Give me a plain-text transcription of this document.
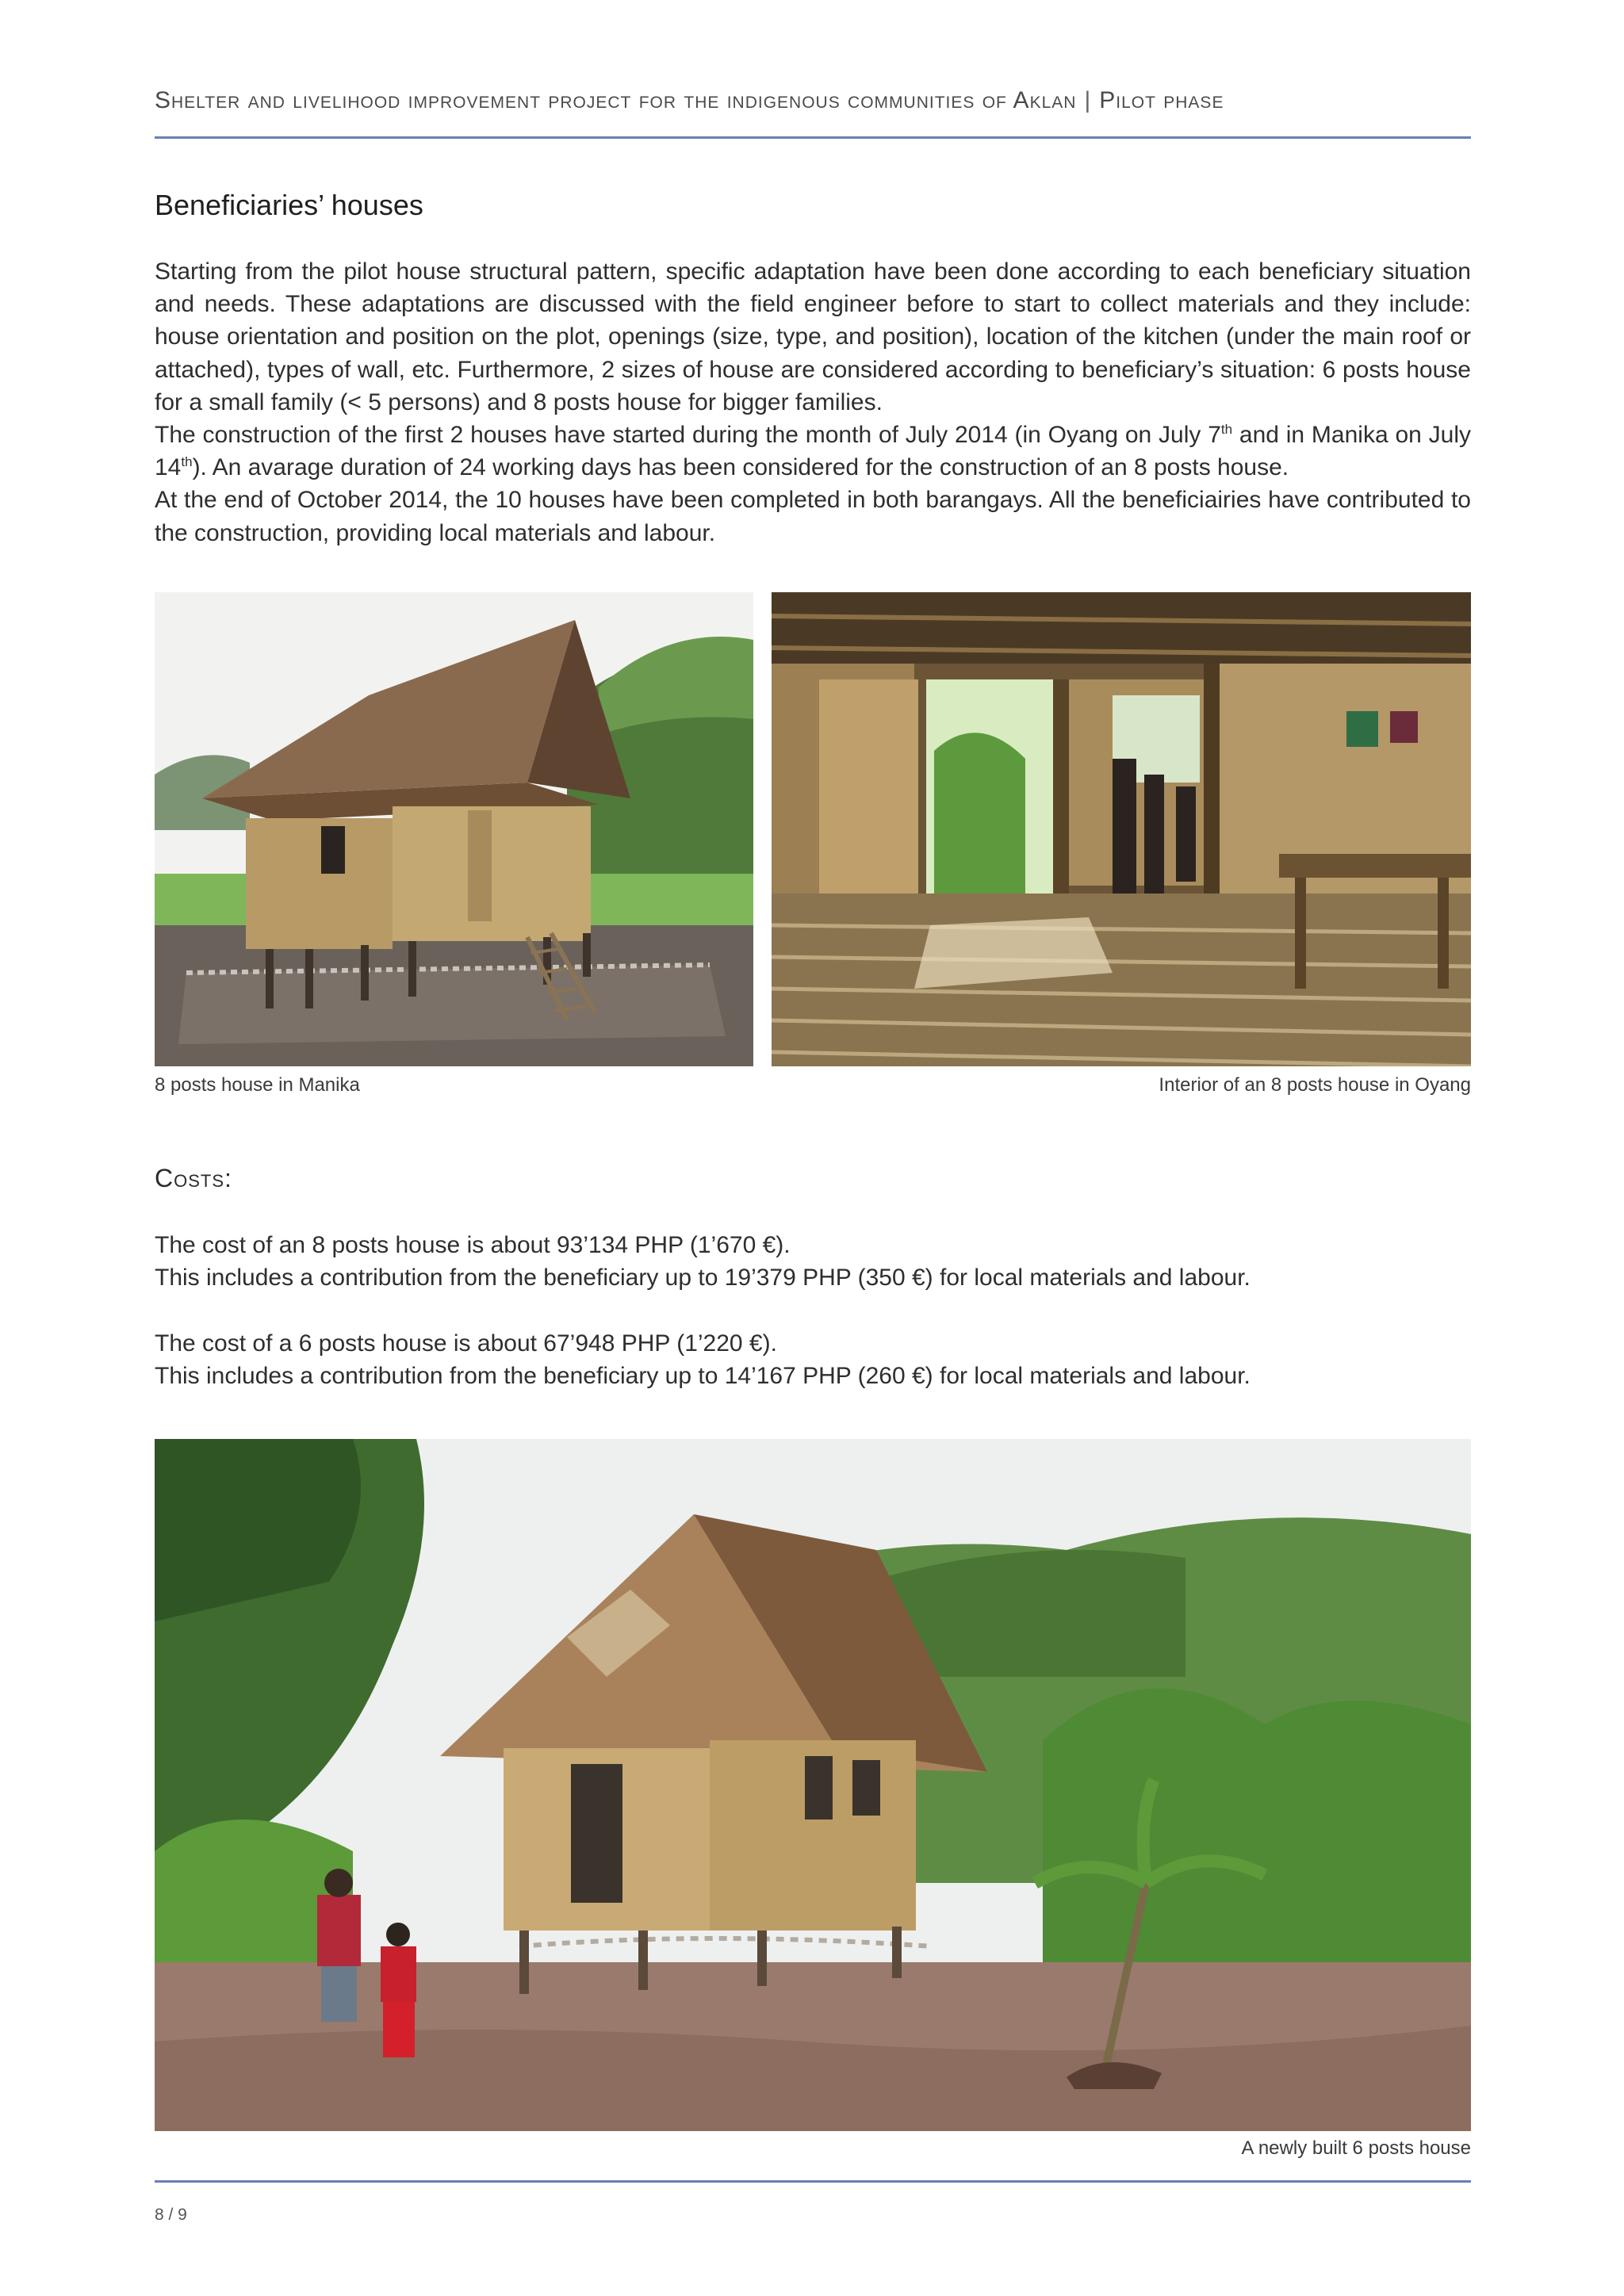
Shelter and livelihood improvement project for the indigenous communities of Aklan | Pilot phase
Beneficiaries’ houses

Starting from the pilot house structural pattern, specific adaptation have been done according to each beneficiary situation and needs. These adaptations are discussed with the field engineer before to start to collect materials and they include: house orientation and position on the plot, openings (size, type, and position), location of the kitchen (under the main roof or attached), types of wall, etc. Furthermore, 2 sizes of house are considered according to beneficiary’s situation: 6 posts house for a small family (< 5 persons) and 8 posts house for bigger families.

The construction of the first 2 houses have started during the month of July 2014 (in Oyang on July 7th and in Manika on July 14th). An avarage duration of 24 working days has been considered for the construction of an 8 posts house.

At the end of October 2014, the 10 houses have been completed in both barangays. All the beneficiairies have contributed to the construction, providing local materials and labour.

8 posts house in Manika	Interior of an 8 posts house in Oyang
Costs:

The cost of an 8 posts house is about 93’134 PHP (1’670 €).

This includes a contribution from the beneficiary up to 19’379 PHP (350 €) for local materials and labour.

The cost of a 6 posts house is about 67’948 PHP (1’220 €).

This includes a contribution from the beneficiary up to 14’167 PHP (260 €) for local materials and labour.

A newly built 6 posts house
8 / 9
